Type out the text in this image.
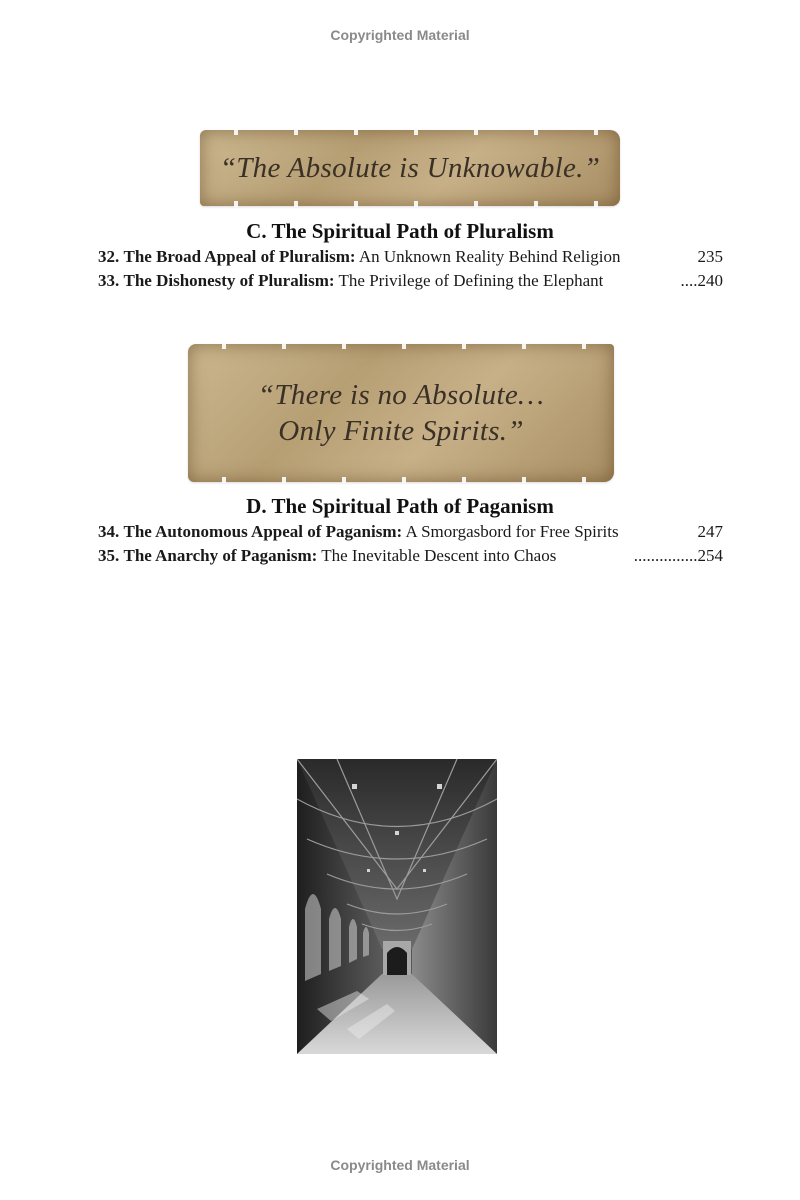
Copyrighted Material
“The Absolute is Unknowable.”
C. The Spiritual Path of Pluralism
32. The Broad Appeal of Pluralism: An Unknown Reality Behind Religion	235
33. The Dishonesty of Pluralism: The Privilege of Defining the Elephant	....240
“There is no Absolute…
Only Finite Spirits.”
D. The Spiritual Path of Paganism
34. The Autonomous Appeal of Paganism: A Smorgasbord for Free Spirits	247
35. The Anarchy of Paganism: The Inevitable Descent into Chaos	...............254
Copyrighted Material
